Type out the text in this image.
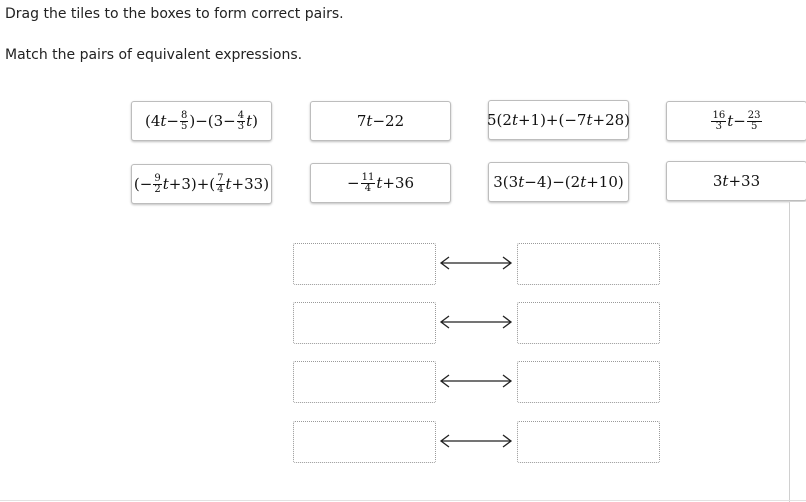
Drag the tiles to the boxes to form correct pairs.
Match the pairs of equivalent expressions.
(4 $t - \frac{8}{5} )-(3- \frac{4}{3}$ t )	7 t −22	5(2 t +1)+(−7 t +28)	$\frac{16}{3}$ $t - \frac{23}{5}$
(− $\frac{9}{2}$ $t +3)+( \frac{7}{4}$ t +33)	− $\frac{11}{4}$ t +36	3(3 t −4)−(2 t +10)	3 t +33
